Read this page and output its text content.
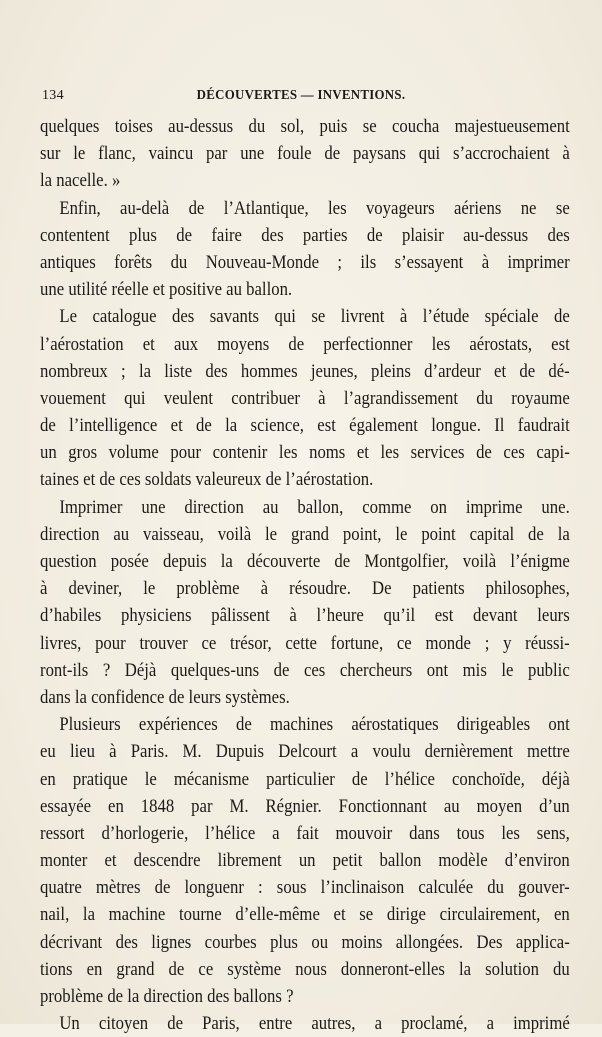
134	DÉCOUVERTES — INVENTIONS.

quelques toises au-dessus du sol, puis se coucha majestueusement
sur le flanc, vaincu par une foule de paysans qui s’accrochaient à
la nacelle. »

Enfin, au-delà de l’Atlantique, les voyageurs aériens ne se
contentent plus de faire des parties de plaisir au-dessus des
antiques forêts du Nouveau-Monde ; ils s’essayent à imprimer
une utilité réelle et positive au ballon.

Le catalogue des savants qui se livrent à l’étude spéciale de
l’aérostation et aux moyens de perfectionner les aérostats, est
nombreux ; la liste des hommes jeunes, pleins d’ardeur et de dé-
vouement qui veulent contribuer à l’agrandissement du royaume
de l’intelligence et de la science, est également longue. Il faudrait
un gros volume pour contenir les noms et les services de ces capi-
taines et de ces soldats valeureux de l’aérostation.

Imprimer une direction au ballon, comme on imprime une.
direction au vaisseau, voilà le grand point, le point capital de la
question posée depuis la découverte de Montgolfier, voilà l’énigme
à deviner, le problème à résoudre. De patients philosophes,
d’habiles physiciens pâlissent à l’heure qu’il est devant leurs
livres, pour trouver ce trésor, cette fortune, ce monde ; y réussi-
ront-ils ? Déjà quelques-uns de ces chercheurs ont mis le public
dans la confidence de leurs systèmes.

Plusieurs expériences de machines aérostatiques dirigeables ont
eu lieu à Paris. M. Dupuis Delcourt a voulu dernièrement mettre
en pratique le mécanisme particulier de l’hélice conchoïde, déjà
essayée en 1848 par M. Régnier. Fonctionnant au moyen d’un
ressort d’horlogerie, l’hélice a fait mouvoir dans tous les sens,
monter et descendre librement un petit ballon modèle d’environ
quatre mètres de longuenr : sous l’inclinaison calculée du gouver-
nail, la machine tourne d’elle-même et se dirige circulairement, en
décrivant des lignes courbes plus ou moins allongées. Des applica-
tions en grand de ce système nous donneront-elles la solution du
problème de la direction des ballons ?

Un citoyen de Paris, entre autres, a proclamé, a imprimé
